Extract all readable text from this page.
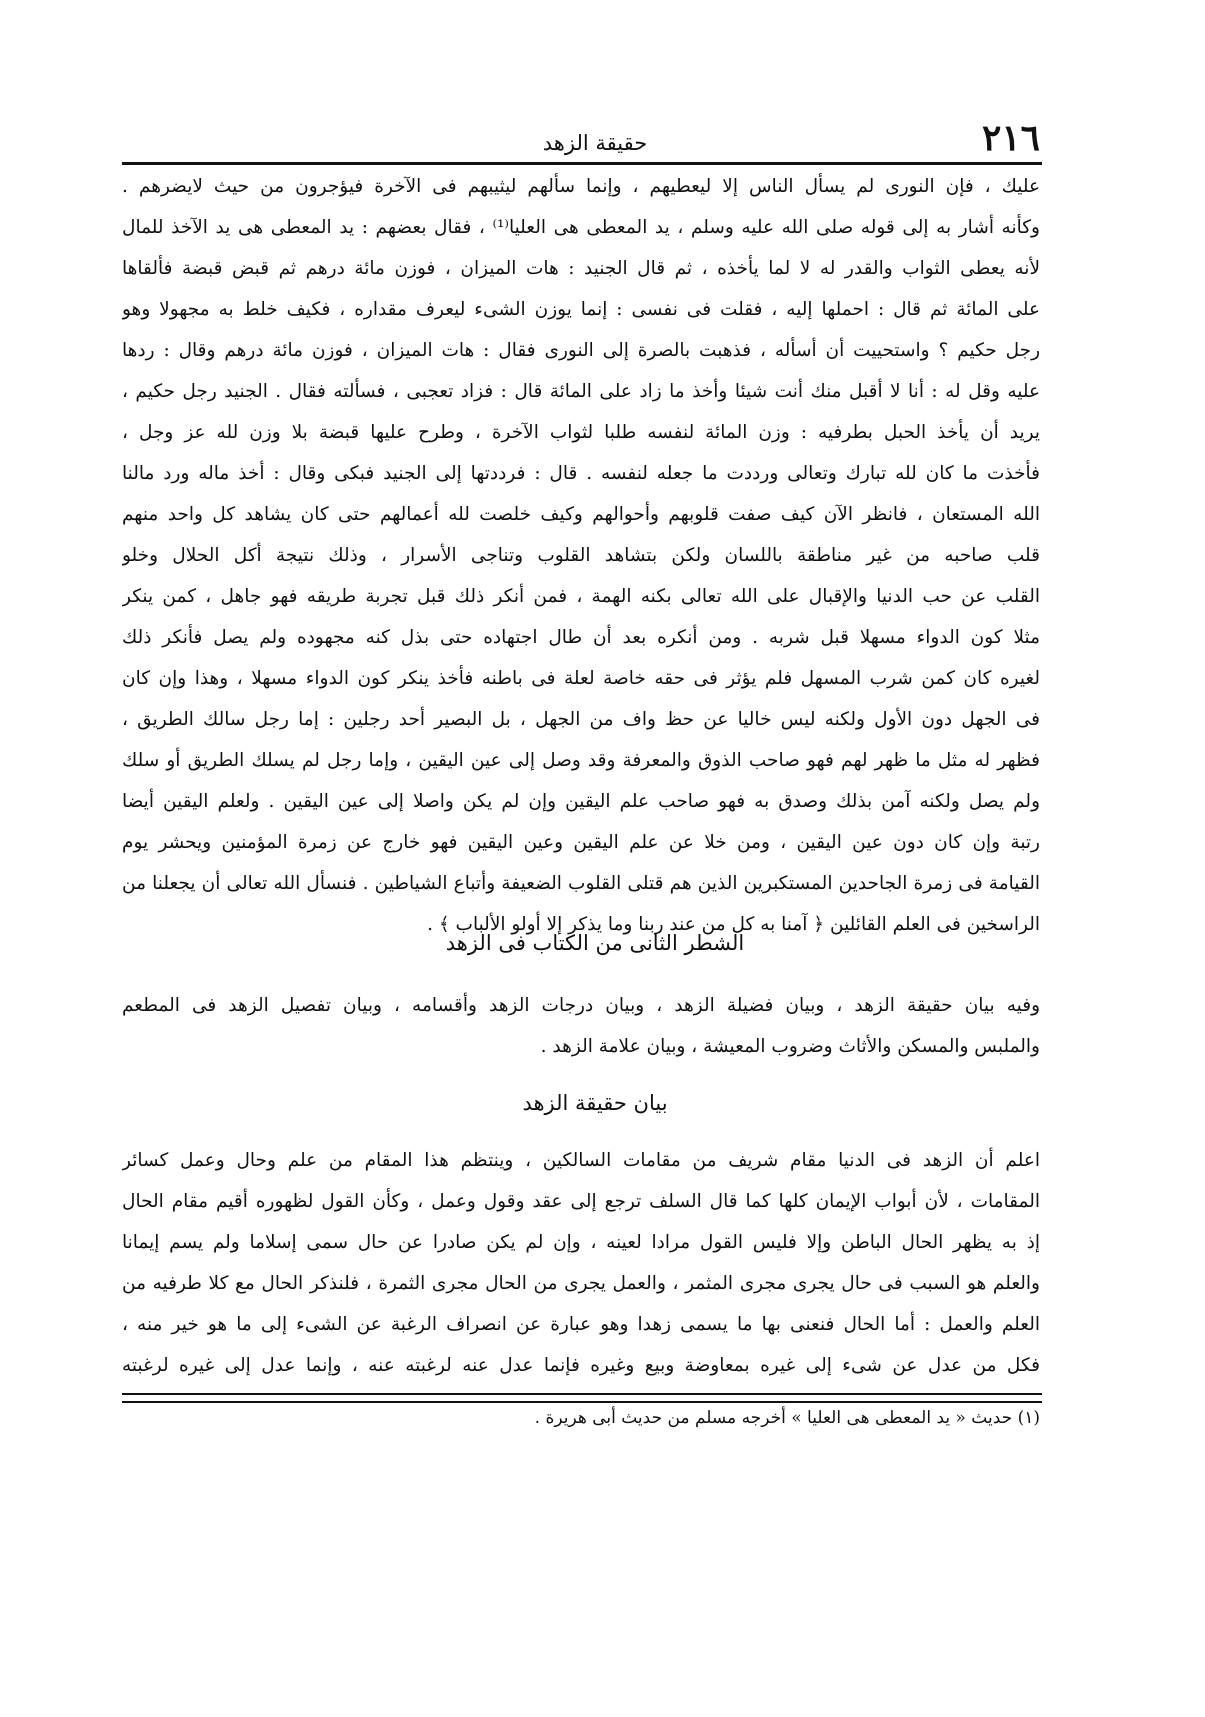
٢١٦
حقيقة الزهد
عليك ، فإن النورى لم يسأل الناس إلا ليعطيهم ، وإنما سألهم ليثيبهم فى الآخرة فيؤجرون من حيث لايضرهم .
وكأنه أشار به إلى قوله صلى الله عليه وسلم ، يد المعطى هى العليا⁽¹⁾ ، فقال بعضهم : يد المعطى هى يد الآخذ للمال
لأنه يعطى الثواب والقدر له لا لما يأخذه ، ثم قال الجنيد : هات الميزان ، فوزن مائة درهم ثم قبض قبضة فألقاها
على المائة ثم قال : احملها إليه ، فقلت فى نفسى : إنما يوزن الشىء ليعرف مقداره ، فكيف خلط به مجهولا وهو
رجل حكيم ؟ واستحييت أن أسأله ، فذهبت بالصرة إلى النورى فقال : هات الميزان ، فوزن مائة درهم وقال : ردها
عليه وقل له : أنا لا أقبل منك أنت شيئا وأخذ ما زاد على المائة قال : فزاد تعجبى ، فسألته فقال . الجنيد رجل حكيم ،
يريد أن يأخذ الحبل بطرفيه : وزن المائة لنفسه طلبا لثواب الآخرة ، وطرح عليها قبضة بلا وزن لله عز وجل ،
فأخذت ما كان لله تبارك وتعالى ورددت ما جعله لنفسه . قال : فرددتها إلى الجنيد فبكى وقال : أخذ ماله ورد مالنا
الله المستعان ، فانظر الآن كيف صفت قلوبهم وأحوالهم وكيف خلصت لله أعمالهم حتى كان يشاهد كل واحد منهم
قلب صاحبه من غير مناطقة باللسان ولكن بتشاهد القلوب وتناجى الأسرار ، وذلك نتيجة أكل الحلال وخلو
القلب عن حب الدنيا والإقبال على الله تعالى بكنه الهمة ، فمن أنكر ذلك قبل تجربة طريقه فهو جاهل ، كمن ينكر
مثلا كون الدواء مسهلا قبل شربه . ومن أنكره بعد أن طال اجتهاده حتى بذل كنه مجهوده ولم يصل فأنكر ذلك
لغيره كان كمن شرب المسهل فلم يؤثر فى حقه خاصة لعلة فى باطنه فأخذ ينكر كون الدواء مسهلا ، وهذا وإن كان
فى الجهل دون الأول ولكنه ليس خاليا عن حظ واف من الجهل ، بل البصير أحد رجلين : إما رجل سالك الطريق ،
فظهر له مثل ما ظهر لهم فهو صاحب الذوق والمعرفة وقد وصل إلى عين اليقين ، وإما رجل لم يسلك الطريق أو سلك
ولم يصل ولكنه آمن بذلك وصدق به فهو صاحب علم اليقين وإن لم يكن واصلا إلى عين اليقين . ولعلم اليقين أيضا
رتبة وإن كان دون عين اليقين ، ومن خلا عن علم اليقين وعين اليقين فهو خارج عن زمرة المؤمنين ويحشر يوم
القيامة فى زمرة الجاحدين المستكبرين الذين هم قتلى القلوب الضعيفة وأتباع الشياطين . فنسأل الله تعالى أن يجعلنا من
الراسخين فى العلم القائلين ﴿ آمنا به كل من عند ربنا وما يذكر إلا أولو الألباب ﴾ .
الشطر الثانى من الكتاب فى الزهد
وفيه بيان حقيقة الزهد ، وبيان فضيلة الزهد ، وبيان درجات الزهد وأقسامه ، وبيان تفصيل الزهد فى المطعم
والملبس والمسكن والأثاث وضروب المعيشة ، وبيان علامة الزهد .
بيان حقيقة الزهد
اعلم أن الزهد فى الدنيا مقام شريف من مقامات السالكين ، وينتظم هذا المقام من علم وحال وعمل كسائر
المقامات ، لأن أبواب الإيمان كلها كما قال السلف ترجع إلى عقد وقول وعمل ، وكأن القول لظهوره أقيم مقام الحال
إذ به يظهر الحال الباطن وإلا فليس القول مرادا لعينه ، وإن لم يكن صادرا عن حال سمى إسلاما ولم يسم إيمانا
والعلم هو السبب فى حال يجرى مجرى المثمر ، والعمل يجرى من الحال مجرى الثمرة ، فلنذكر الحال مع كلا طرفيه من
العلم والعمل : أما الحال فنعنى بها ما يسمى زهدا وهو عبارة عن انصراف الرغبة عن الشىء إلى ما هو خير منه ،
فكل من عدل عن شىء إلى غيره بمعاوضة وبيع وغيره فإنما عدل عنه لرغبته عنه ، وإنما عدل إلى غيره لرغبته
(١) حديث « يد المعطى هى العليا » أخرجه مسلم من حديث أبى هريرة .
